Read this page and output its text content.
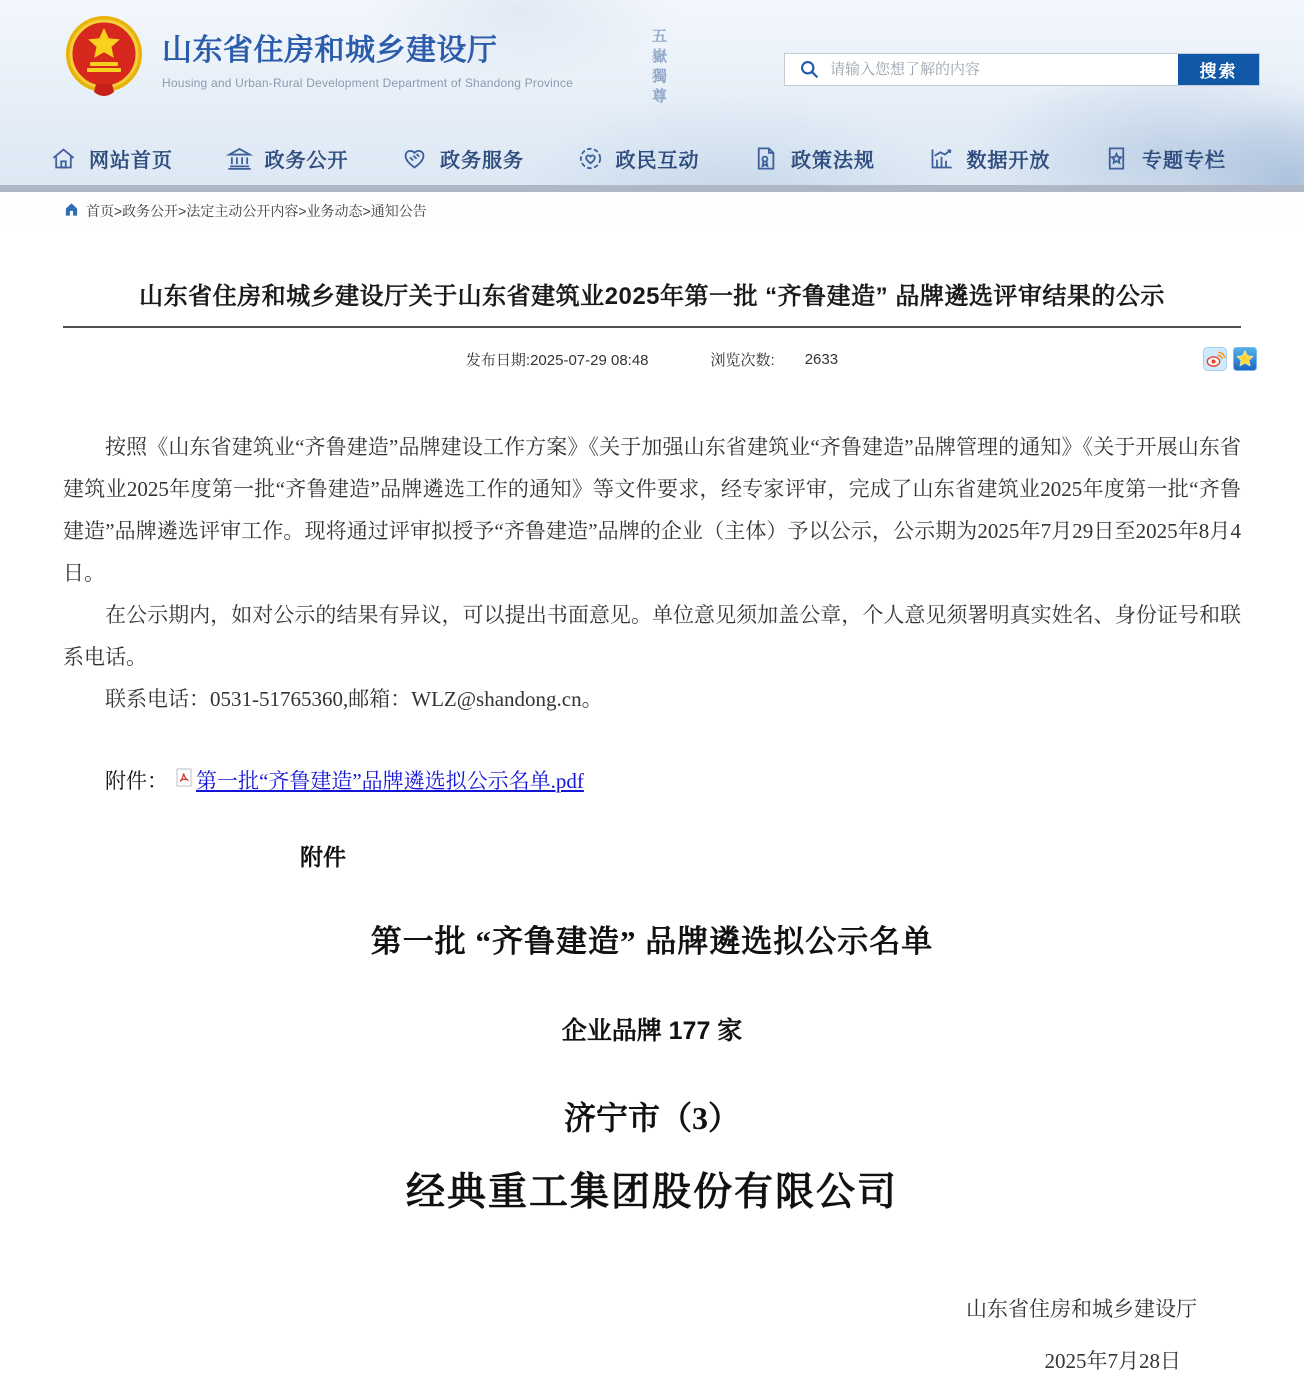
五嶽獨尊
山东省住房和城乡建设厅
Housing and Urban-Rural Development Department of Shandong Province
请输入您想了解的内容
搜索
网站首页	政务公开	政务服务	政民互动	政策法规	数据开放	专题专栏
首页>政务公开>法定主动公开内容>业务动态>通知公告
山东省住房和城乡建设厅关于山东省建筑业2025年第一批 “齐鲁建造” 品牌遴选评审结果的公示
发布日期:2025-07-29 08:48	浏览次数: 2633

按照《山东省建筑业“齐鲁建造”品牌建设工作方案》《关于加强山东省建筑业“齐鲁建造”品牌管理的通知》《关于开展山东省建筑业2025年度第一批“齐鲁建造”品牌遴选工作的通知》等文件要求，经专家评审，完成了山东省建筑业2025年度第一批“齐鲁建造”品牌遴选评审工作。现将通过评审拟授予“齐鲁建造”品牌的企业（主体）予以公示，公示期为2025年7月29日至2025年8月4日。

在公示期内，如对公示的结果有异议，可以提出书面意见。单位意见须加盖公章，个人意见须署明真实姓名、身份证号和联系电话。

联系电话：0531-51765360,邮箱：WLZ@shandong.cn。

附件： 第一批“齐鲁建造”品牌遴选拟公示名单.pdf
附件
第一批 “齐鲁建造” 品牌遴选拟公示名单
企业品牌 177 家
济宁市（3）
经典重工集团股份有限公司
山东省住房和城乡建设厅
2025年7月28日
